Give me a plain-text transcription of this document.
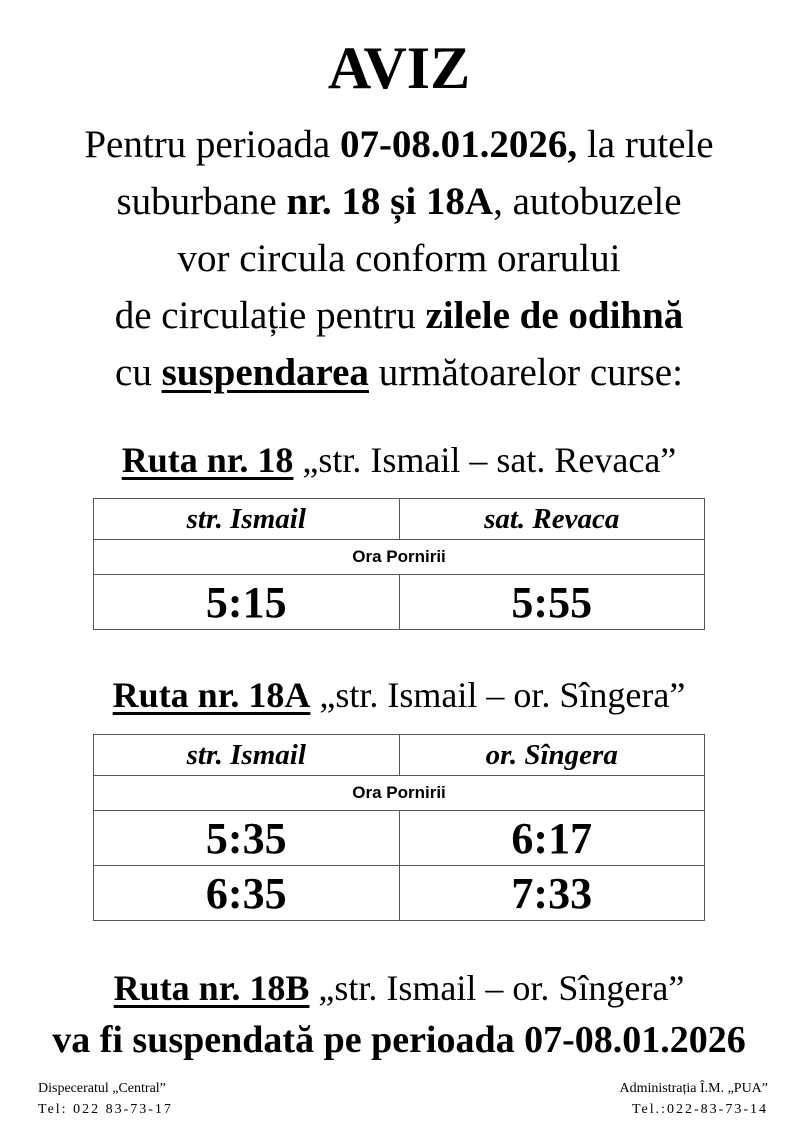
AVIZ
Pentru perioada 07-08.01.2026, la rutele
suburbane nr. 18 și 18A, autobuzele
vor circula conform orarului
de circulație pentru zilele de odihnă
cu suspendarea următoarelor curse:
Ruta nr. 18 „str. Ismail – sat. Revaca”
str. Ismail	sat. Revaca
Ora Pornirii	
5:15	5:55
Ruta nr. 18A „str. Ismail – or. Sîngera”
str. Ismail	or. Sîngera
Ora Pornirii	
5:35	6:17
6:35	7:33
Ruta nr. 18B „str. Ismail – or. Sîngera”
va fi suspendată pe perioada 07-08.01.2026
Dispeceratul „Central”
Tel: 022 83-73-17
Administrația Î.M. „PUA”
Tel.:022-83-73-14
